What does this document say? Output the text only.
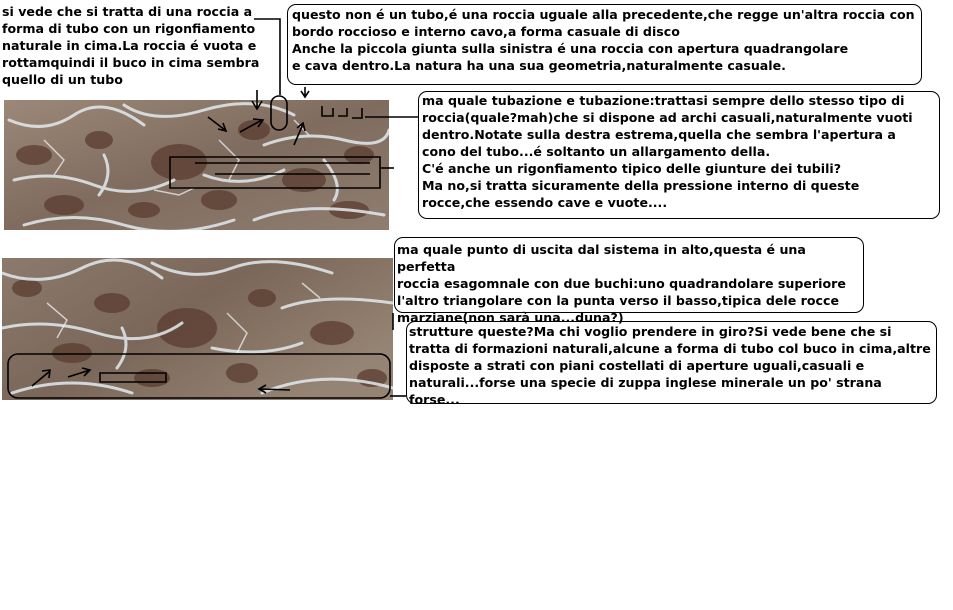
si vede che si tratta di una roccia a
forma di tubo con un rigonfiamento
naturale in cima.La roccia é vuota e
rottamquindi il buco in cima sembra
quello di un tubo
questo non é un tubo,é una roccia uguale alla precedente,che regge un'altra roccia con
bordo roccioso e interno cavo,a forma casuale di disco
Anche la piccola giunta sulla sinistra é una roccia con apertura quadrangolare
e cava dentro.La natura ha una sua geometria,naturalmente casuale.
ma quale tubazione e tubazione:trattasi sempre dello stesso tipo di
roccia(quale?mah)che si dispone ad archi casuali,naturalmente vuoti
dentro.Notate sulla destra estrema,quella che sembra l'apertura a
cono del tubo...é soltanto un allargamento della.
C'é anche un rigonfiamento tipico delle giunture dei tubili?
Ma no,si tratta sicuramente della pressione interno di queste
rocce,che essendo cave e vuote....
ma quale punto di uscita dal sistema in alto,questa é una perfetta
roccia esagomnale con due buchi:uno quadrandolare superiore
l'altro triangolare con la punta verso il basso,tipica dele rocce
marziane(non sarà una...duna?)
strutture queste?Ma chi voglio prendere in giro?Si vede bene che si
tratta di formazioni naturali,alcune a forma di tubo col buco in cima,altre
disposte a strati con piani costellati di aperture uguali,casuali e
naturali...forse una specie di zuppa inglese minerale un po' strana forse...
